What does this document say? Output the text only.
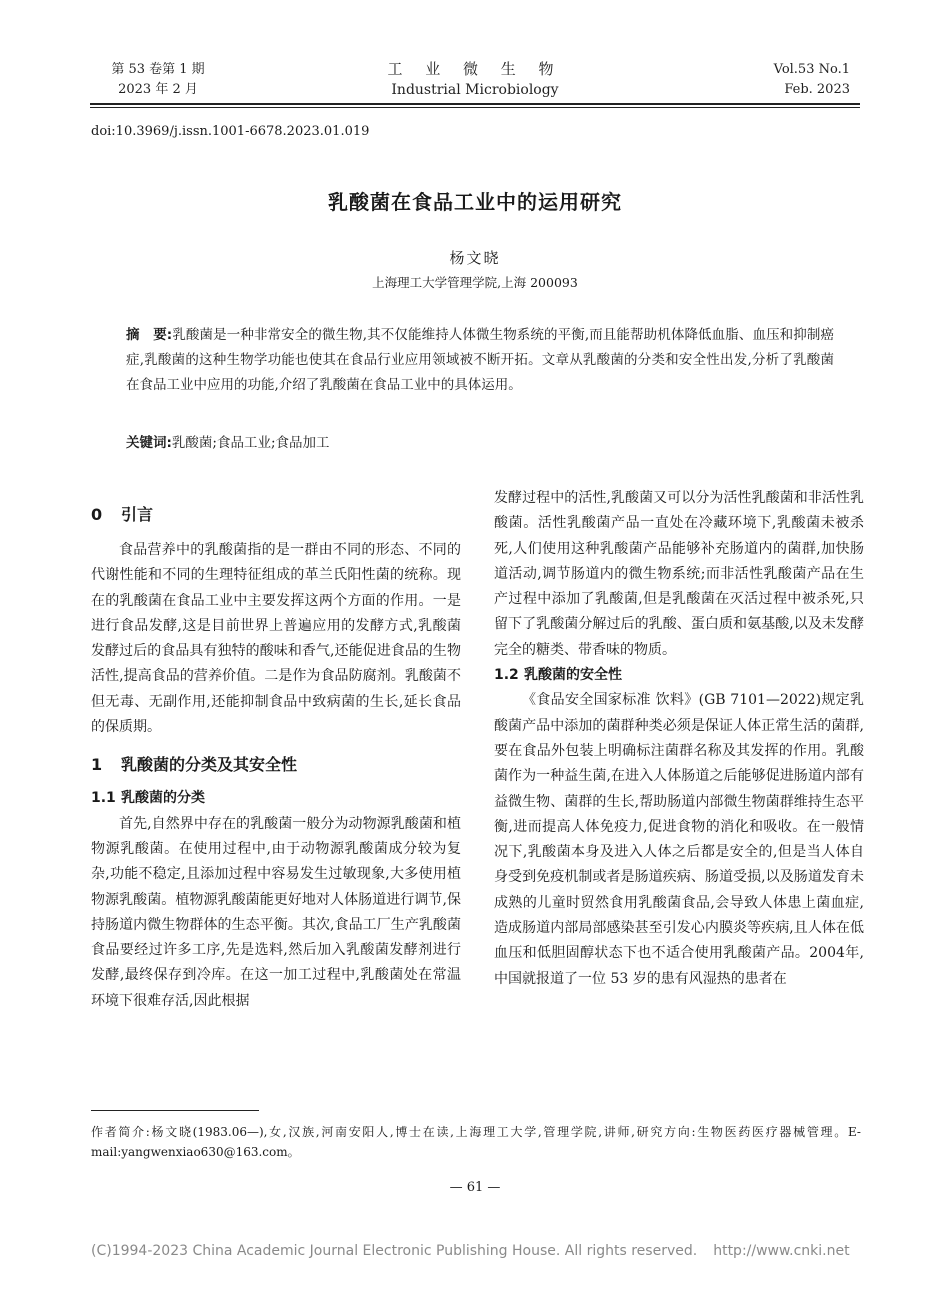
第 53 卷第 1 期
2023 年 2 月
工 业 微 生 物
Industrial Microbiology
Vol.53 No.1
Feb. 2023
doi:10.3969/j.issn.1001-6678.2023.01.019
乳酸菌在食品工业中的运用研究
杨文晓
上海理工大学管理学院,上海 200093
摘　要:乳酸菌是一种非常安全的微生物,其不仅能维持人体微生物系统的平衡,而且能帮助机体降低血脂、血压和抑制癌症,乳酸菌的这种生物学功能也使其在食品行业应用领域被不断开拓。文章从乳酸菌的分类和安全性出发,分析了乳酸菌在食品工业中应用的功能,介绍了乳酸菌在食品工业中的具体运用。
关键词:乳酸菌;食品工业;食品加工
0 引言

食品营养中的乳酸菌指的是一群由不同的形态、不同的代谢性能和不同的生理特征组成的革兰氏阳性菌的统称。现在的乳酸菌在食品工业中主要发挥这两个方面的作用。一是进行食品发酵,这是目前世界上普遍应用的发酵方式,乳酸菌发酵过后的食品具有独特的酸味和香气,还能促进食品的生物活性,提高食品的营养价值。二是作为食品防腐剂。乳酸菌不但无毒、无副作用,还能抑制食品中致病菌的生长,延长食品的保质期。

1 乳酸菌的分类及其安全性
1.1 乳酸菌的分类

首先,自然界中存在的乳酸菌一般分为动物源乳酸菌和植物源乳酸菌。在使用过程中,由于动物源乳酸菌成分较为复杂,功能不稳定,且添加过程中容易发生过敏现象,大多使用植物源乳酸菌。植物源乳酸菌能更好地对人体肠道进行调节,保持肠道内微生物群体的生态平衡。其次,食品工厂生产乳酸菌食品要经过许多工序,先是选料,然后加入乳酸菌发酵剂进行发酵,最终保存到冷库。在这一加工过程中,乳酸菌处在常温环境下很难存活,因此根据

发酵过程中的活性,乳酸菌又可以分为活性乳酸菌和非活性乳酸菌。活性乳酸菌产品一直处在冷藏环境下,乳酸菌未被杀死,人们使用这种乳酸菌产品能够补充肠道内的菌群,加快肠道活动,调节肠道内的微生物系统;而非活性乳酸菌产品在生产过程中添加了乳酸菌,但是乳酸菌在灭活过程中被杀死,只留下了乳酸菌分解过后的乳酸、蛋白质和氨基酸,以及未发酵完全的糖类、带香味的物质。

1.2 乳酸菌的安全性

《食品安全国家标准 饮料》(GB 7101—2022)规定乳酸菌产品中添加的菌群种类必须是保证人体正常生活的菌群,要在食品外包装上明确标注菌群名称及其发挥的作用。乳酸菌作为一种益生菌,在进入人体肠道之后能够促进肠道内部有益微生物、菌群的生长,帮助肠道内部微生物菌群维持生态平衡,进而提高人体免疫力,促进食物的消化和吸收。在一般情况下,乳酸菌本身及进入人体之后都是安全的,但是当人体自身受到免疫机制或者是肠道疾病、肠道受损,以及肠道发育未成熟的儿童时贸然食用乳酸菌食品,会导致人体患上菌血症,造成肠道内部局部感染甚至引发心内膜炎等疾病,且人体在低血压和低胆固醇状态下也不适合使用乳酸菌产品。2004年,中国就报道了一位 53 岁的患有风湿热的患者在

作者简介:杨文晓(1983.06—),女,汉族,河南安阳人,博士在读,上海理工大学,管理学院,讲师,研究方向:生物医药医疗器械管理。E-mail:yangwenxiao630@163.com。
— 61 —
(C)1994-2023 China Academic Journal Electronic Publishing House. All rights reserved. http://www.cnki.net
